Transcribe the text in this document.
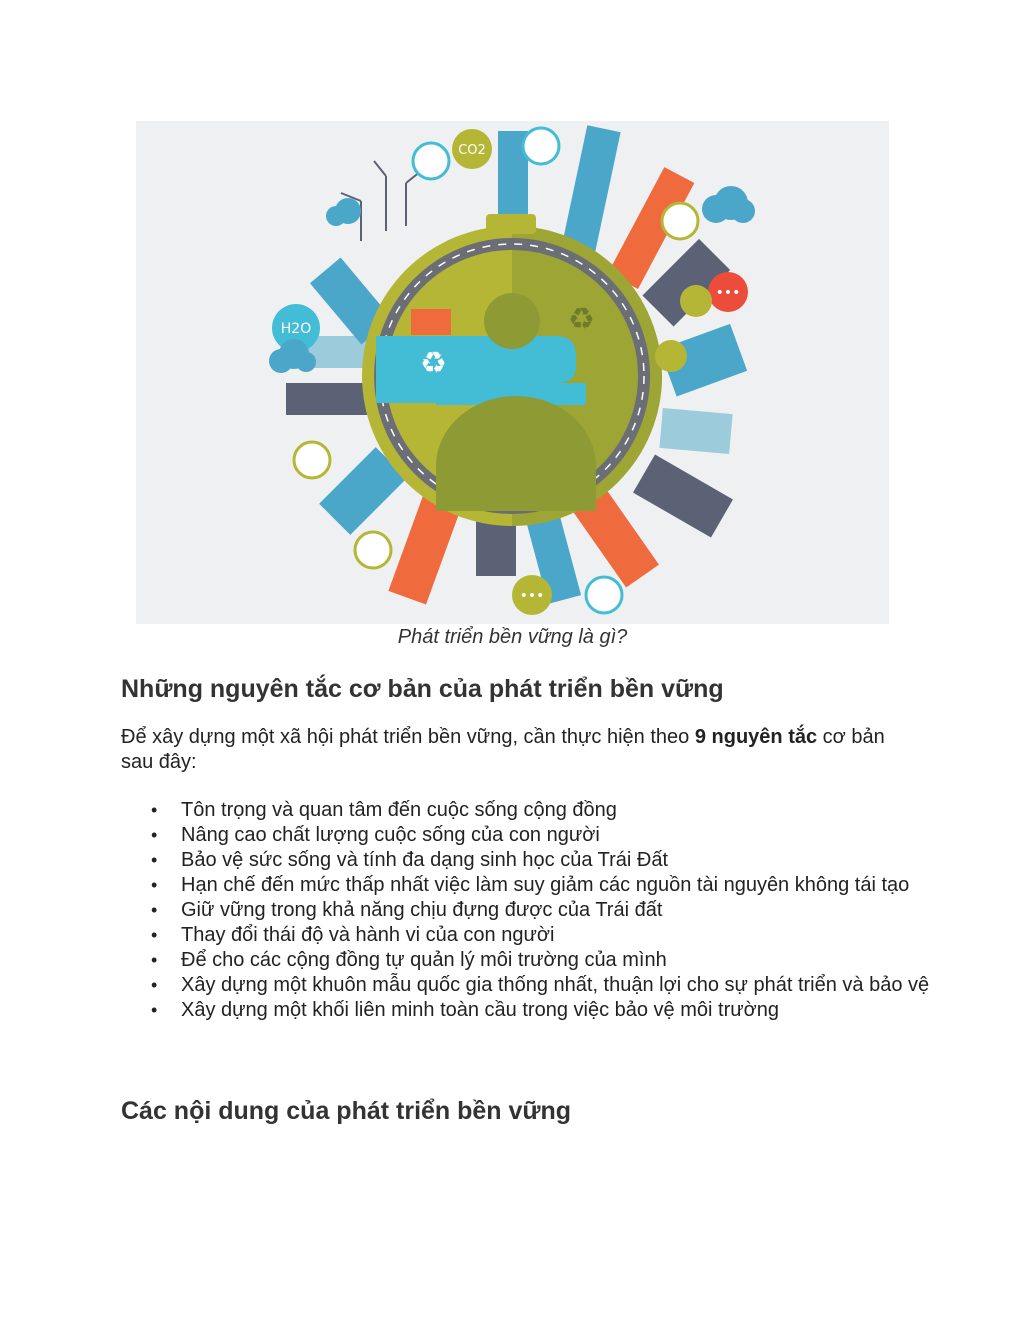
♻
♻
CO2
H2O
•••
•••
Phát triển bền vững là gì?
Những nguyên tắc cơ bản của phát triển bền vững

Để xây dựng một xã hội phát triển bền vững, cần thực hiện theo 9 nguyên tắc cơ bản sau đây:

• Tôn trọng và quan tâm đến cuộc sống cộng đồng
• Nâng cao chất lượng cuộc sống của con người
• Bảo vệ sức sống và tính đa dạng sinh học của Trái Đất
• Hạn chế đến mức thấp nhất việc làm suy giảm các nguồn tài nguyên không tái tạo
• Giữ vững trong khả năng chịu đựng được của Trái đất
• Thay đổi thái độ và hành vi của con người
• Để cho các cộng đồng tự quản lý môi trường của mình
• Xây dựng một khuôn mẫu quốc gia thống nhất, thuận lợi cho sự phát triển và bảo vệ
• Xây dựng một khối liên minh toàn cầu trong việc bảo vệ môi trường
Các nội dung của phát triển bền vững
